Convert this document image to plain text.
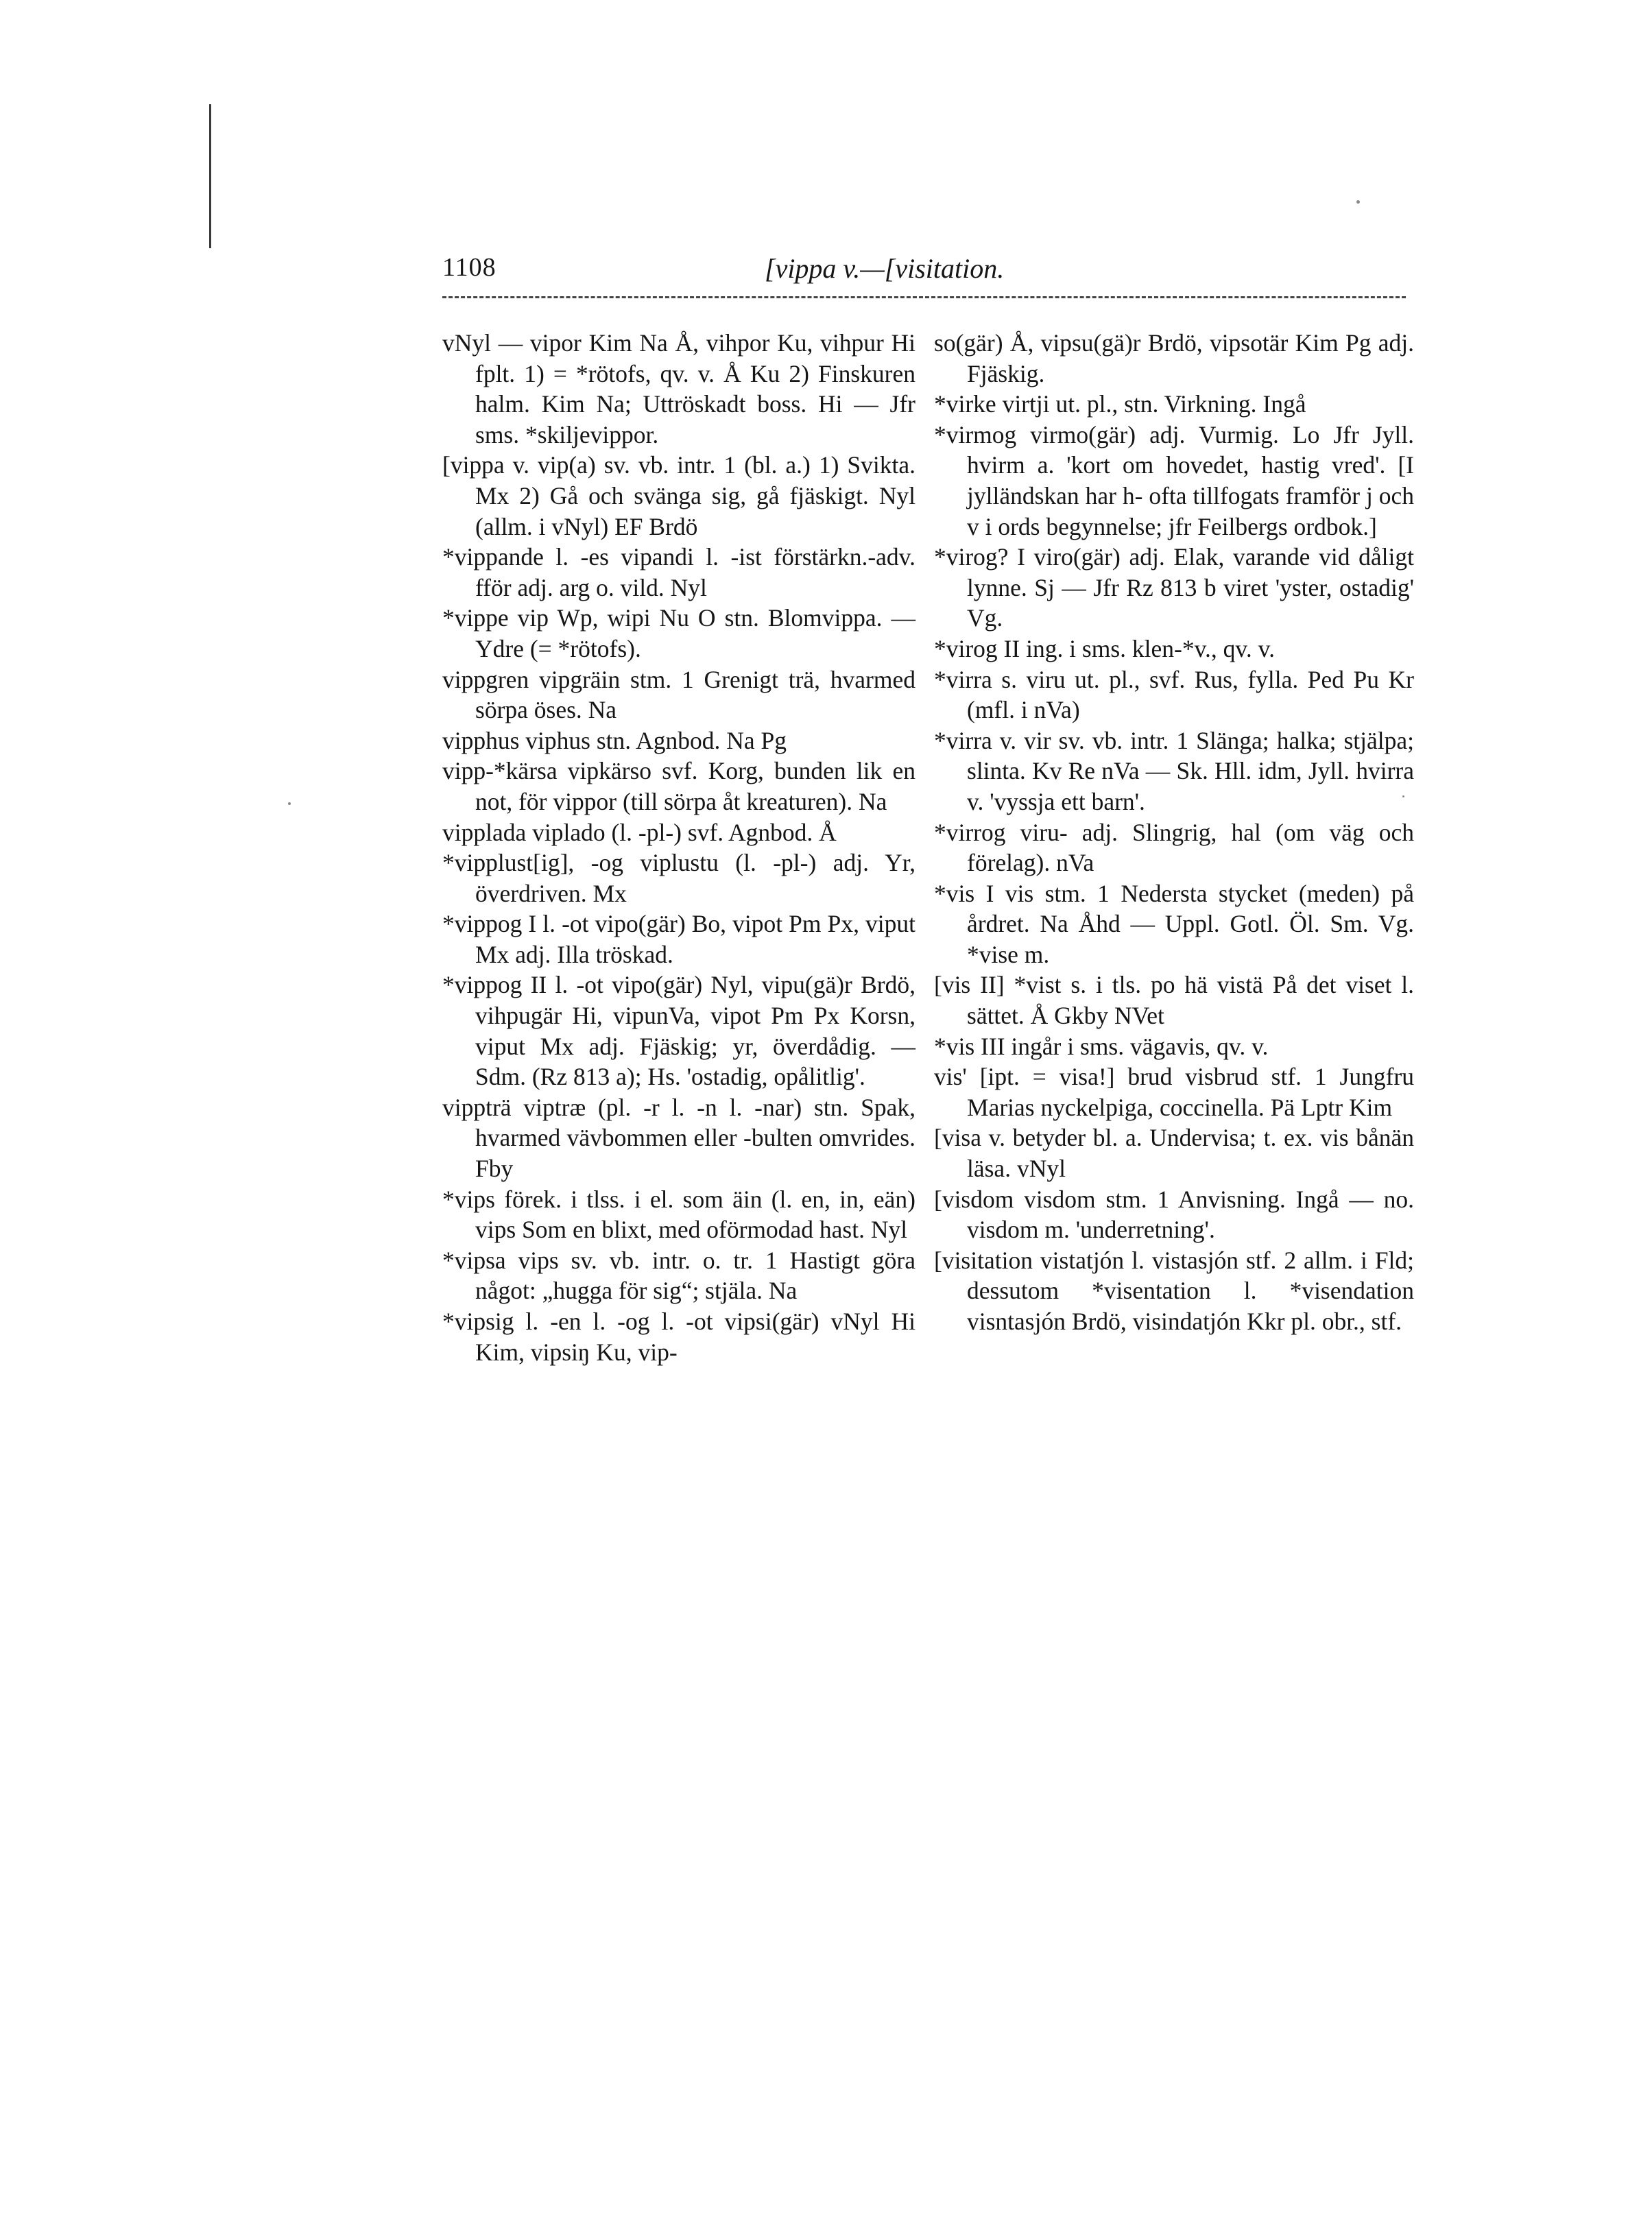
1108	[vippa v.—[visitation.

vNyl — vipor Kim Na Å, vihpor Ku, vihpur Hi fplt. 1) = *rötofs, qv. v. Å Ku 2) Finskuren halm. Kim Na; Uttröskadt boss. Hi — Jfr sms. *skiljevippor.

[vippa v. vip(a) sv. vb. intr. 1 (bl. a.) 1) Svikta. Mx 2) Gå och svänga sig, gå fjäskigt. Nyl (allm. i vNyl) EF Brdö

*vippande l. -es vipandi l. -ist förstärkn.-adv. fför adj. arg o. vild. Nyl

*vippe vip Wp, wipi Nu O stn. Blomvippa. — Ydre (= *rötofs).

vippgren vipgräin stm. 1 Grenigt trä, hvarmed sörpa öses. Na

vipphus viphus stn. Agnbod. Na Pg

vipp-*kärsa vipkärso svf. Korg, bunden lik en not, för vippor (till sörpa åt kreaturen). Na

vipplada viplado (l. -pl-) svf. Agnbod. Å

*vipplust[ig], -og viplustu (l. -pl-) adj. Yr, överdriven. Mx

*vippog I l. -ot vipo(gär) Bo, vipot Pm Px, viput Mx adj. Illa tröskad.

*vippog II l. -ot vipo(gär) Nyl, vipu(gä)r Brdö, vihpugär Hi, vipunVa, vipot Pm Px Korsn, viput Mx adj. Fjäskig; yr, överdådig. — Sdm. (Rz 813 a); Hs. 'ostadig, opålitlig'.

vippträ viptræ (pl. -r l. -n l. -nar) stn. Spak, hvarmed vävbommen eller -bulten omvrides. Fby

*vips förek. i tlss. i el. som äin (l. en, in, eän) vips Som en blixt, med oförmodad hast. Nyl

*vipsa vips sv. vb. intr. o. tr. 1 Hastigt göra något: „hugga för sig“; stjäla. Na

*vipsig l. -en l. -og l. -ot vipsi(gär) vNyl Hi Kim, vipsiŋ Ku, vip-

so(gär) Å, vipsu(gä)r Brdö, vipsotär Kim Pg adj. Fjäskig.

*virke virtji ut. pl., stn. Virkning. Ingå

*virmog virmo(gär) adj. Vurmig. Lo Jfr Jyll. hvirm a. 'kort om hovedet, hastig vred'. [I jylländskan har h- ofta tillfogats framför j och v i ords begynnelse; jfr Feilbergs ordbok.]

*virog? I viro(gär) adj. Elak, varande vid dåligt lynne. Sj — Jfr Rz 813 b viret 'yster, ostadig' Vg.

*virog II ing. i sms. klen-*v., qv. v.

*virra s. viru ut. pl., svf. Rus, fylla. Ped Pu Kr (mfl. i nVa)

*virra v. vir sv. vb. intr. 1 Slänga; halka; stjälpa; slinta. Kv Re nVa — Sk. Hll. idm, Jyll. hvirra v. 'vyssja ett barn'.

*virrog viru- adj. Slingrig, hal (om väg och förelag). nVa

*vis I vis stm. 1 Nedersta stycket (meden) på årdret. Na Åhd — Uppl. Gotl. Öl. Sm. Vg. *vise m.

[vis II] *vist s. i tls. po hä vistä På det viset l. sättet. Å Gkby NVet

*vis III ingår i sms. vägavis, qv. v.

vis' [ipt. = visa!] brud visbrud stf. 1 Jungfru Marias nyckelpiga, coccinella. Pä Lptr Kim

[visa v. betyder bl. a. Undervisa; t. ex. vis bånän läsa. vNyl

[visdom visdom stm. 1 Anvisning. Ingå — no. visdom m. 'underretning'.

[visitation vistatjón l. vistasjón stf. 2 allm. i Fld; dessutom *visentation l. *visendation visntasjón Brdö, visindatjón Kkr pl. obr., stf.
